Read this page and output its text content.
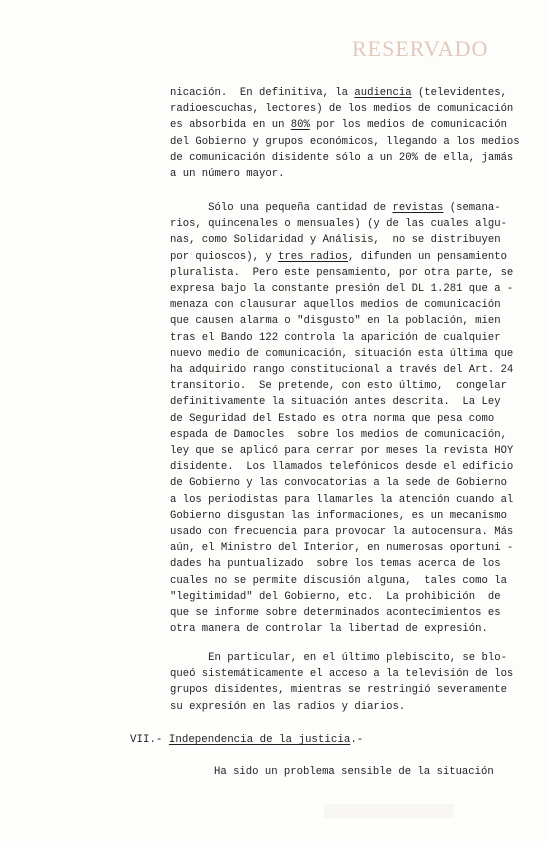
RESERVADO
nicación.  En definitiva, la audiencia (televidentes,
radioescuchas, lectores) de los medios de comunicación
es absorbida en un 80% por los medios de comunicación
del Gobierno y grupos económicos, llegando a los medios
de comunicación disidente sólo a un 20% de ella, jamás
a un número mayor.
Sólo una pequeña cantidad de revistas (semana-
rios, quincenales o mensuales) (y de las cuales algu-
nas, como Solidaridad y Análisis,  no se distribuyen
por quioscos), y tres radios, difunden un pensamiento
pluralista.  Pero este pensamiento, por otra parte, se
expresa bajo la constante presión del DL 1.281 que a -
menaza con clausurar aquellos medios de comunicación
que causen alarma o "disgusto" en la población, mien
tras el Bando 122 controla la aparición de cualquier
nuevo medio de comunicación, situación esta última que
ha adquirido rango constitucional a través del Art. 24
transitorio.  Se pretende, con esto último,  congelar
definitivamente la situación antes descrita.  La Ley
de Seguridad del Estado es otra norma que pesa como
espada de Damocles  sobre los medios de comunicación,
ley que se aplicó para cerrar por meses la revista HOY
disidente.  Los llamados telefónicos desde el edificio
de Gobierno y las convocatorias a la sede de Gobierno
a los periodistas para llamarles la atención cuando al
Gobierno disgustan las informaciones, es un mecanismo
usado con frecuencia para provocar la autocensura. Más
aún, el Ministro del Interior, en numerosas oportuni -
dades ha puntualizado  sobre los temas acerca de los
cuales no se permite discusión alguna,  tales como la
"legitimidad" del Gobierno, etc.  La prohibición  de
que se informe sobre determinados acontecimientos es
otra manera de controlar la libertad de expresión.
En particular, en el último plebiscito, se blo-
queó sistemáticamente el acceso a la televisión de los
grupos disidentes, mientras se restringió severamente
su expresión en las radios y diarios.
VII.- Independencia de la justicia.-
Ha sido un problema sensible de la situación
